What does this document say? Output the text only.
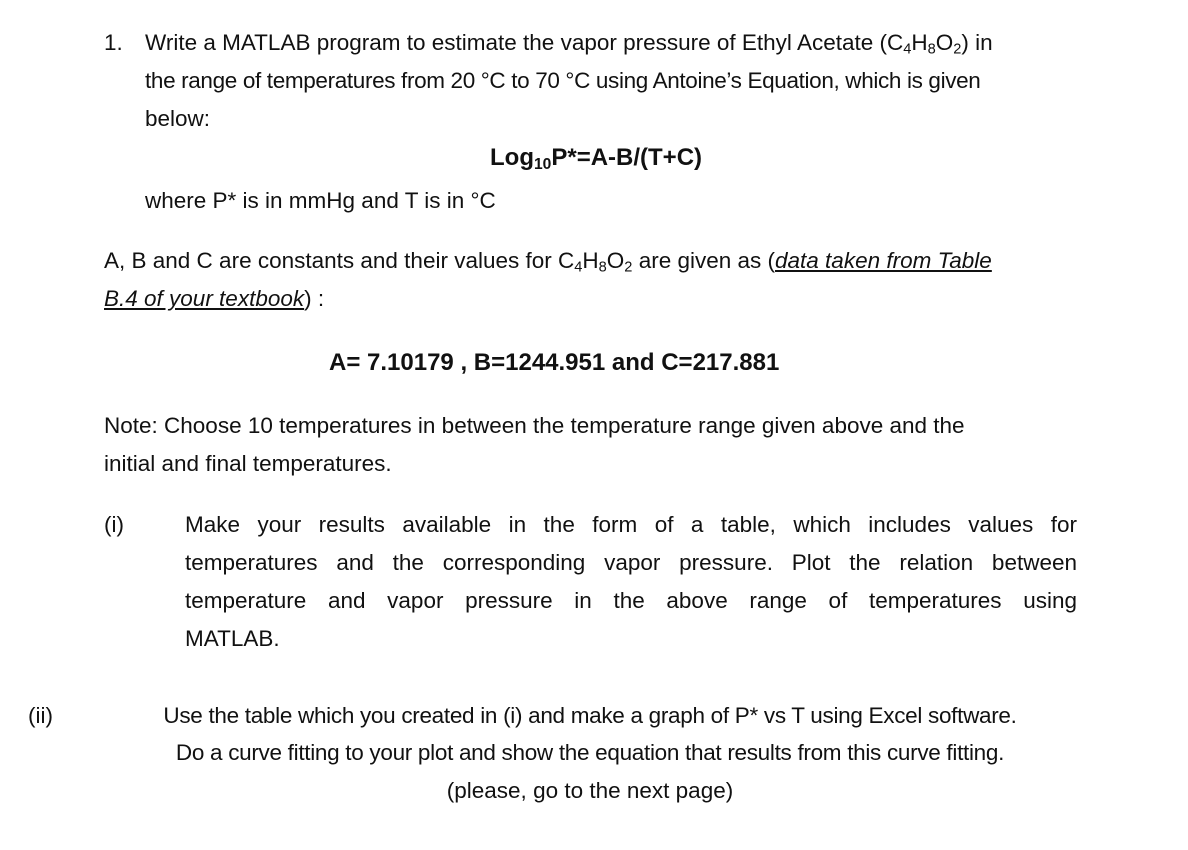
1. Write a MATLAB program to estimate the vapor pressure of Ethyl Acetate $(C_4H_8O_2)$ in
the range of temperatures from 20 °C to 70 °C using Antoine’s Equation, which is given
below:
Log$_{10}$P*=A-B/(T+C)
where P* is in mmHg and T is in °C
A, B and C are constants and their values for $C_4H_8O_2$ are given as (data taken from Table
B.4 of your textbook) :
A= 7.10179 , B=1244.951 and C=217.881
Note: Choose 10 temperatures in between the temperature range given above and the
initial and final temperatures.
(i)	Make your results available in the form of a table, which includes values for
temperatures and the corresponding vapor pressure. Plot the relation between
temperature and vapor pressure in the above range of temperatures using
MATLAB.
(ii)	Use the table which you created in (i) and make a graph of P* vs T using Excel software.
Do a curve fitting to your plot and show the equation that results from this curve fitting.
(please, go to the next page)
